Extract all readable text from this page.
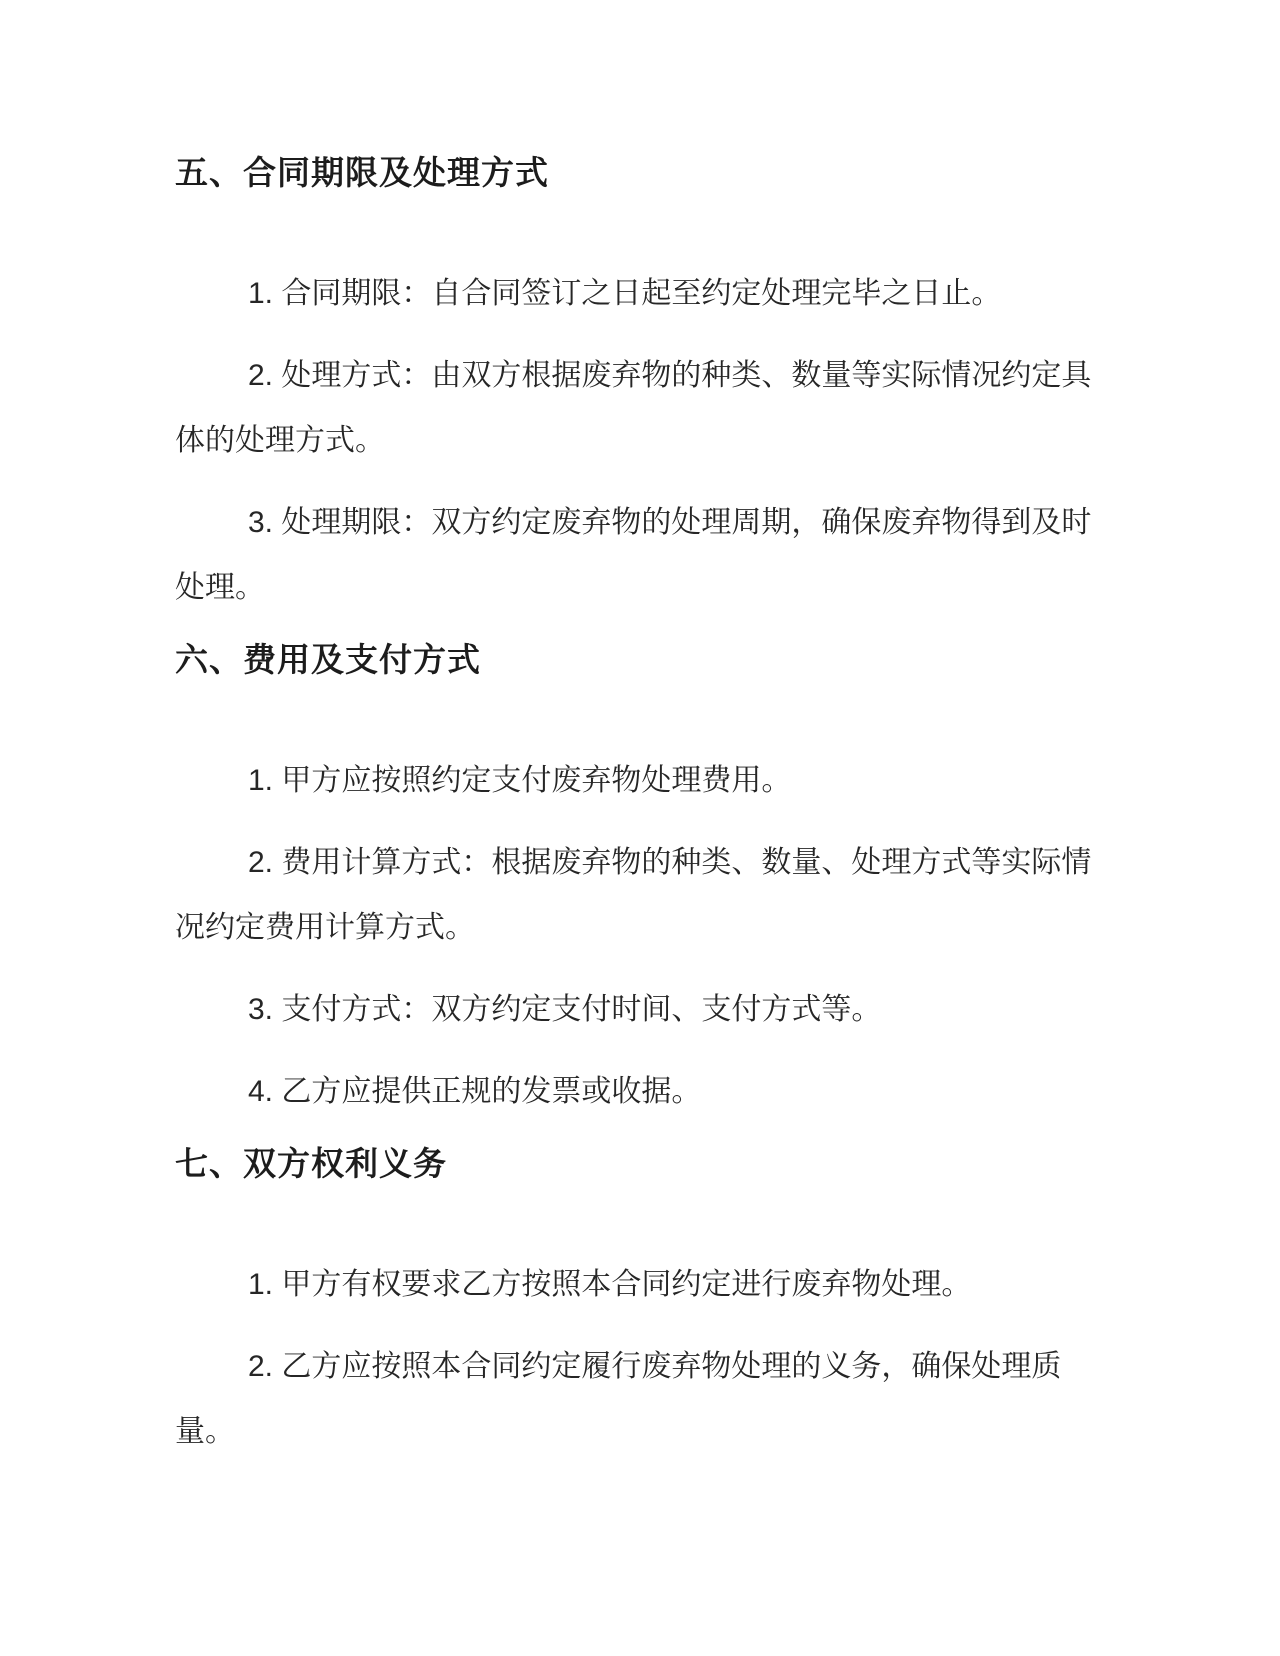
五、合同期限及处理方式

1. 合同期限：自合同签订之日起至约定处理完毕之日止。

2. 处理方式：由双方根据废弃物的种类、数量等实际情况约定具体的处理方式。

3. 处理期限：双方约定废弃物的处理周期，确保废弃物得到及时处理。

六、费用及支付方式

1. 甲方应按照约定支付废弃物处理费用。

2. 费用计算方式：根据废弃物的种类、数量、处理方式等实际情况约定费用计算方式。

3. 支付方式：双方约定支付时间、支付方式等。

4. 乙方应提供正规的发票或收据。

七、双方权利义务

1. 甲方有权要求乙方按照本合同约定进行废弃物处理。

2. 乙方应按照本合同约定履行废弃物处理的义务，确保处理质量。
